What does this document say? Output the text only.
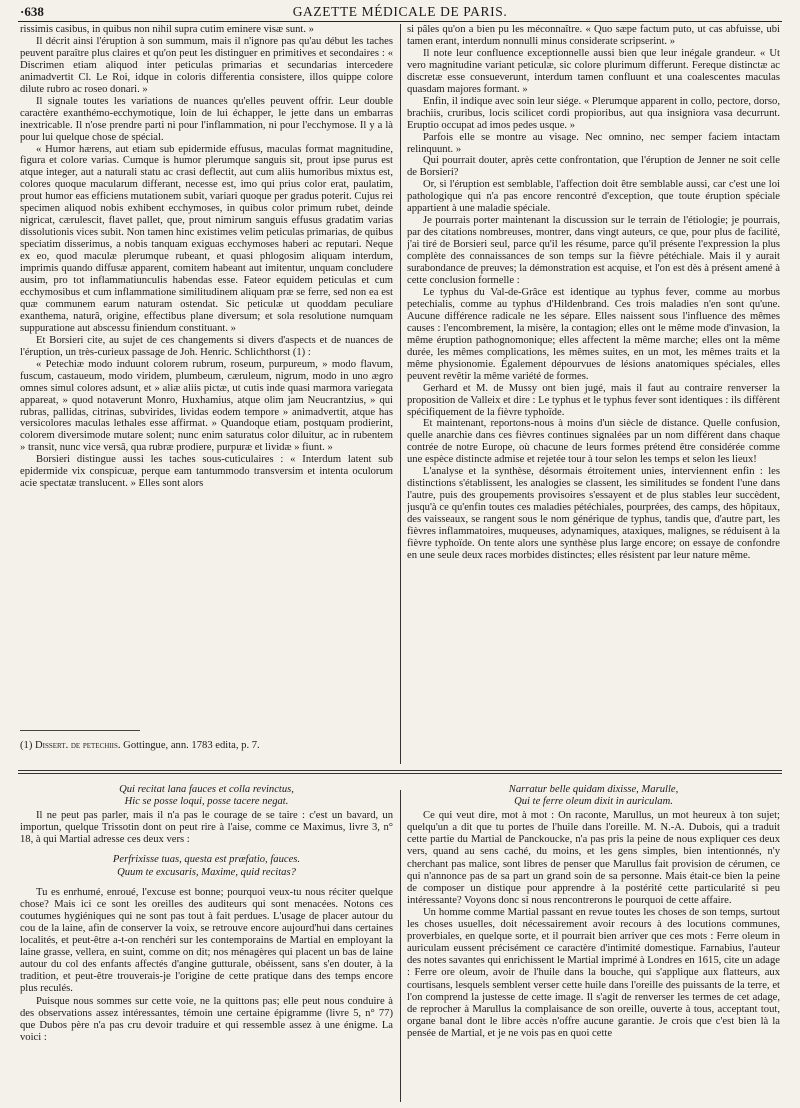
·638	GAZETTE MÉDICALE DE PARIS.

rissimis casibus, in quibus non nihil supra cutim eminere visæ sunt. »

Il décrit ainsi l'éruption à son summum, mais il n'ignore pas qu'au début les taches peuvent paraître plus claires et qu'on peut les distinguer en primitives et secondaires : « Discrimen etiam aliquod inter peticulas primarias et secundarias intercedere animadvertit Cl. Le Roi, idque in coloris differentia consistere, illos quippe colore dilute rubro ac roseo donari. »

Il signale toutes les variations de nuances qu'elles peuvent offrir. Leur double caractère exanthémo-ecchymotique, loin de lui échapper, le jette dans un embarras inextricable. Il n'ose prendre parti ni pour l'inflammation, ni pour l'ecchymose. Il y a là pour lui quelque chose de spécial.

« Humor hærens, aut etiam sub epidermide effusus, maculas format magnitudine, figura et colore varias. Cumque is humor plerumque sanguis sit, prout ipse purus est atque integer, aut a naturali statu ac crasi deflectit, aut cum aliis humoribus mixtus est, colores quoque macularum differant, necesse est, imo qui prius color erat, paulatim, prout humor eas efficiens mutationem subit, variari quoque per gradus poterit. Cujus rei specimen aliquod nobis exhibent ecchymoses, in quibus color primum rubet, deinde nigricat, cærulescit, flavet pallet, que, prout nimirum sanguis effusus gradatim varias dissolutionis vices subit. Non tamen hinc existimes velim peticulas primarias, de quibus speciatim disserimus, a nobis tanquam exiguas ecchymoses haberi ac reputari. Neque ex eo, quod maculæ plerumque rubeant, et quasi phlogosim aliquam interdum, imprimis quando diffusæ apparent, comitem habeant aut imitentur, unquam concludere ausim, pro tot inflammatiunculis habendas esse. Fateor equidem peticulas et cum ecchymosibus et cum inflammatione similitudinem aliquam præ se ferre, sed non ea est quæ communem earum naturam ostendat. Sic peticulæ ut quoddam peculiare exanthema, naturâ, origine, effectibus plane diversum; et sola resolutione numquam suppuratione aut abscessu finiendum constituant. »

Et Borsieri cite, au sujet de ces changements si divers d'aspects et de nuances de l'éruption, un très-curieux passage de Joh. Henric. Schlichthorst (1) :

« Petechiæ modo induunt colorem rubrum, roseum, purpureum, » modo flavum, fuscum, castaueum, modo viridem, plumbeum, cæruleum, nigrum, modo in uno ægro omnes simul colores adsunt, et » aliæ aliis pictæ, ut cutis inde quasi marmora variegata appareat, » quod notaverunt Monro, Huxhamius, atque olim jam Neucrantzius, » qui rubras, pallidas, citrinas, subvirides, lividas eodem tempore » animadvertit, atque has versicolores maculas lethales esse affirmat. » Quandoque etiam, postquam prodierint, colorem diversimode mutare solent; nunc enim saturatus color diluitur, ac in rubentem » transit, nunc vice versâ, qua rubræ prodiere, purpuræ et lividæ » fiunt. »

Borsieri distingue aussi les taches sous-cuticulaires : « Interdum latent sub epidermide vix conspicuæ, perque eam tantummodo transversim et intenta oculorum acie spectatæ translucent. » Elles sont alors

si pâles qu'on a bien pu les méconnaître. « Quo sæpe factum puto, ut cas abfuisse, ubi tamen erant, interdum nonnulli minus considerate scripserint. »

Il note leur confluence exceptionnelle aussi bien que leur inégale grandeur. « Ut vero magnitudine variant peticulæ, sic colore plurimum differunt. Fereque distinctæ ac discretæ esse consueverunt, interdum tamen confluunt et una coalescentes maculas quasdam majores formant. »

Enfin, il indique avec soin leur siége. « Plerumque apparent in collo, pectore, dorso, brachiis, cruribus, locis scilicet cordi propioribus, aut qua insigniora vasa decurrunt. Eruptio occupat ad imos pedes usque. »

Parfois elle se montre au visage. Nec omnino, nec semper faciem intactam relinquunt. »

Qui pourrait douter, après cette confrontation, que l'éruption de Jenner ne soit celle de Borsieri?

Or, si l'éruption est semblable, l'affection doit être semblable aussi, car c'est une loi pathologique qui n'a pas encore rencontré d'exception, que toute éruption spéciale appartient à une maladie spéciale.

Je pourrais porter maintenant la discussion sur le terrain de l'étiologie; je pourrais, par des citations nombreuses, montrer, dans vingt auteurs, ce que, pour plus de facilité, j'ai tiré de Borsieri seul, parce qu'il les résume, parce qu'il présente l'expression la plus complète des connaissances de son temps sur la fièvre pétéchiale. Mais il y aurait surabondance de preuves; la démonstration est acquise, et l'on est dès à présent amené à cette conclusion formelle :

Le typhus du Val-de-Grâce est identique au typhus fever, comme au morbus petechialis, comme au typhus d'Hildenbrand. Ces trois maladies n'en sont qu'une. Aucune différence radicale ne les sépare. Elles naissent sous l'influence des mêmes causes : l'encombrement, la misère, la contagion; elles ont le même mode d'invasion, la même éruption pathognomonique; elles affectent la même marche; elles ont la même durée, les mêmes complications, les mêmes suites, en un mot, les mêmes traits et la même physionomie. Également dépourvues de lésions anatomiques spéciales, elles peuvent revêtir la même variété de formes.

Gerhard et M. de Mussy ont bien jugé, mais il faut au contraire renverser la proposition de Valleix et dire : Le typhus et le typhus fever sont identiques : ils diffèrent spécifiquement de la fièvre typhoïde.

Et maintenant, reportons-nous à moins d'un siècle de distance. Quelle confusion, quelle anarchie dans ces fièvres continues signalées par un nom différent dans chaque contrée de notre Europe, où chacune de leurs formes prétend être considérée comme une espèce distincte admise et rejetée tour à tour selon les temps et selon les lieux!

L'analyse et la synthèse, désormais étroitement unies, interviennent enfin : les distinctions s'établissent, les analogies se classent, les similitudes se fondent l'une dans l'autre, puis des groupements provisoires s'essayent et de plus stables leur succèdent, jusqu'à ce qu'enfin toutes ces maladies pétéchiales, pourprées, des camps, des hôpitaux, des vaisseaux, se rangent sous le nom générique de typhus, tandis que, d'autre part, les fièvres inflammatoires, muqueuses, adynamiques, ataxiques, malignes, se réduisent à la fièvre typhoïde. On tente alors une synthèse plus large encore; on essaye de confondre en une seule deux races morbides distinctes; elles résistent par leur nature même.

(1) Dissert. de petechiis. Gottingue, ann. 1783 edita, p. 7.
Qui recitat lana fauces et colla revinctus,
Hic se posse loqui, posse tacere negat.

Il ne peut pas parler, mais il n'a pas le courage de se taire : c'est un bavard, un importun, quelque Trissotin dont on peut rire à l'aise, comme ce Maximus, livre 3, n° 18, à qui Martial adresse ces deux vers :

Perfrixisse tuas, questa est præfatio, fauces.
Quum te excusaris, Maxime, quid recitas?

Tu es enrhumé, enroué, l'excuse est bonne; pourquoi veux-tu nous réciter quelque chose? Mais ici ce sont les oreilles des auditeurs qui sont menacées. Notons ces coutumes hygiéniques qui ne sont pas tout à fait perdues. L'usage de placer autour du cou de la laine, afin de conserver la voix, se retrouve encore aujourd'hui dans certaines localités, et peut-être a-t-on renchéri sur les contemporains de Martial en employant la laine grasse, vellera, en suint, comme on dit; nos ménagères qui placent un bas de laine autour du col des enfants affectés d'angine gutturale, obéissent, sans s'en douter, à la tradition, et peut-être trouverais-je l'origine de cette pratique dans des temps encore plus reculés.

Puisque nous sommes sur cette voie, ne la quittons pas; elle peut nous conduire à des observations assez intéressantes, témoin une certaine épigramme (livre 5, n° 77) que Dubos père n'a pas cru devoir traduire et qui ressemble assez à une énigme. La voici :

Narratur belle quidam dixisse, Marulle,
Qui te ferre oleum dixit in auriculam.

Ce qui veut dire, mot à mot : On raconte, Marullus, un mot heureux à ton sujet; quelqu'un a dit que tu portes de l'huile dans l'oreille. M. N.-A. Dubois, qui a traduit cette partie du Martial de Panckoucke, n'a pas pris la peine de nous expliquer ces deux vers, quand au sens caché, du moins, et les gens simples, bien intentionnés, n'y cherchant pas malice, sont libres de penser que Marullus fait provision de cérumen, ce qui n'annonce pas de sa part un grand soin de sa personne. Mais était-ce bien la peine de composer un distique pour apprendre à la postérité cette particularité si peu intéressante? Voyons donc si nous rencontrerons le pourquoi de cette affaire.

Un homme comme Martial passant en revue toutes les choses de son temps, surtout les choses usuelles, doit nécessairement avoir recours à des locutions communes, proverbiales, en quelque sorte, et il pourrait bien arriver que ces mots : Ferre oleum in auriculam eussent précisément ce caractère d'intimité domestique. Farnabius, l'auteur des notes savantes qui enrichissent le Martial imprimé à Londres en 1615, cite un adage : Ferre ore oleum, avoir de l'huile dans la bouche, qui s'applique aux flatteurs, aux courtisans, lesquels semblent verser cette huile dans l'oreille des puissants de la terre, et l'on comprend la justesse de cette image. Il s'agit de renverser les termes de cet adage, de reprocher à Marullus la complaisance de son oreille, ouverte à tous, acceptant tout, organe banal dont le libre accès n'offre aucune garantie. Je crois que c'est bien là la pensée de Martial, et je ne vois pas en quoi cette
